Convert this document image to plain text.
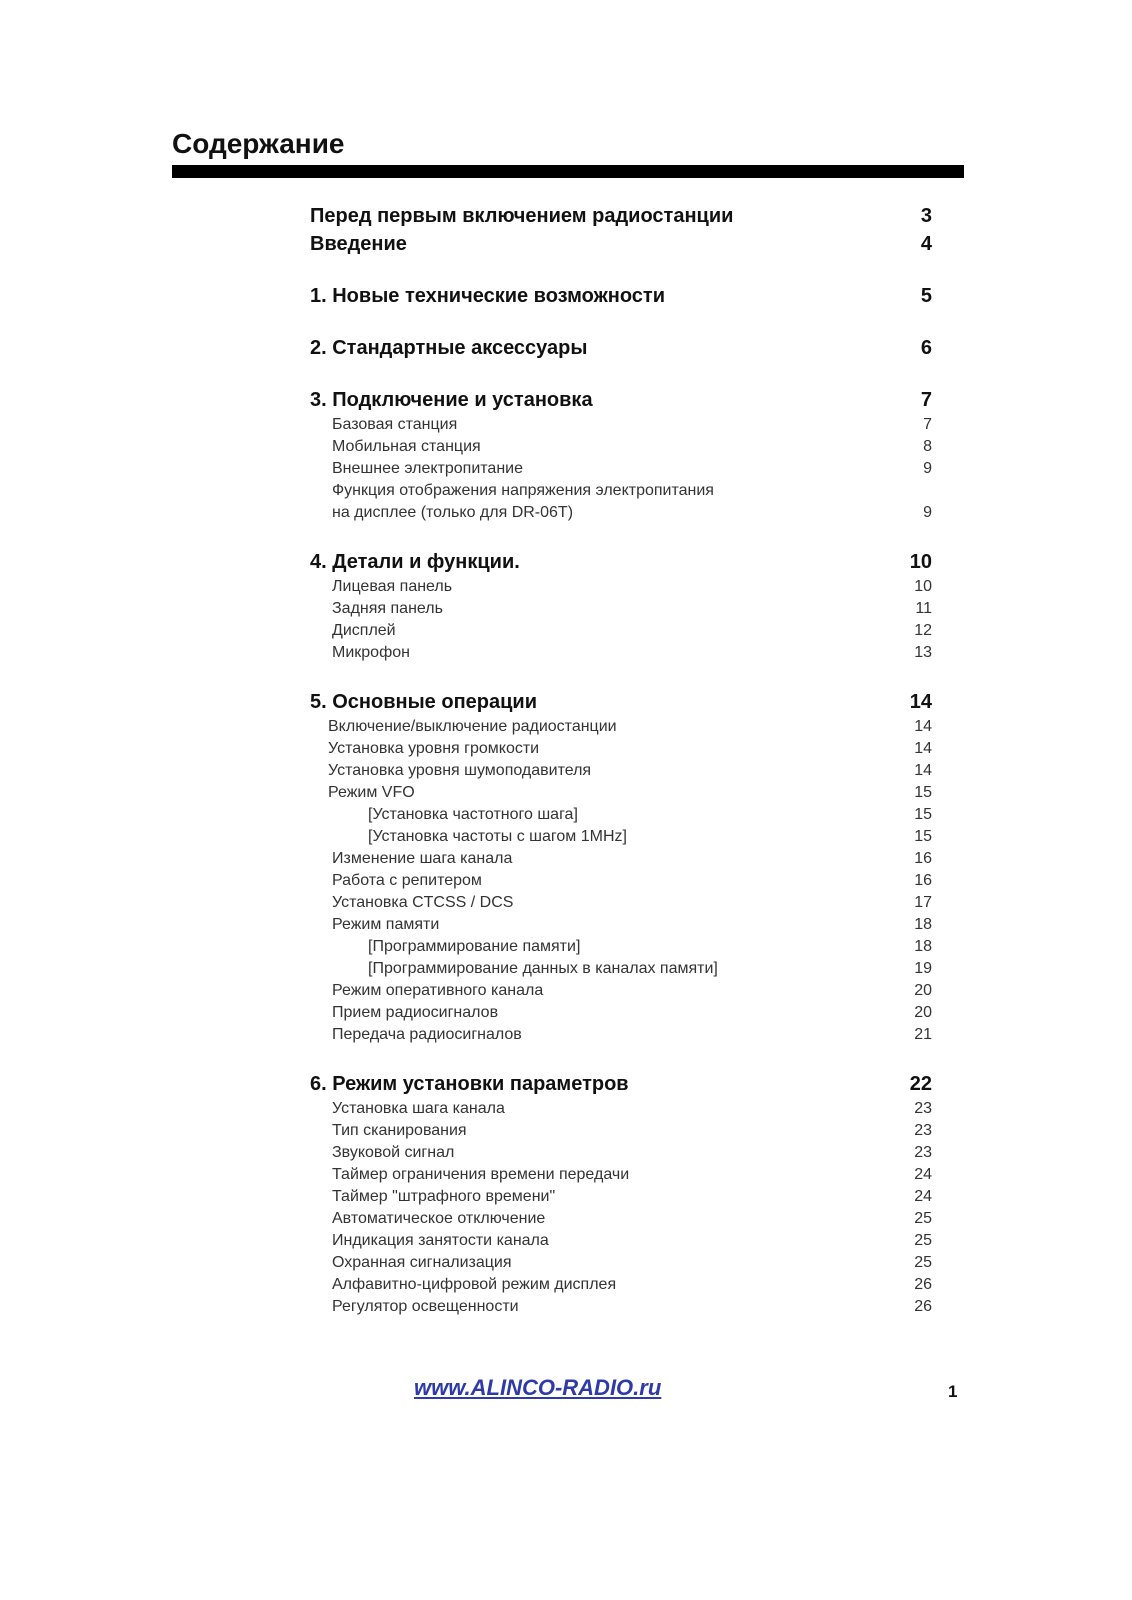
Содержание
Перед первым включением радиостанции	3
Введение	4
1. Новые технические возможности	5
2. Стандартные аксессуары	6
3. Подключение и установка	7
Базовая станция	7
Мобильная станция	8
Внешнее электропитание	9
Функция отображения напряжения электропитания
на дисплее (только для DR-06T)	9
4. Детали и функции.	10
Лицевая панель	10
Задняя панель	11
Дисплей	12
Микрофон	13
5. Основные операции	14
Включение/выключение радиостанции	14
Установка уровня громкости	14
Установка уровня шумоподавителя	14
Режим VFO	15
[Установка частотного шага]	15
[Установка частоты с шагом 1MHz]	15
Изменение шага канала	16
Работа с репитером	16
Установка CTCSS / DCS	17
Режим памяти	18
[Программирование памяти]	18
[Программирование данных в каналах памяти]	19
Режим оперативного канала	20
Прием радиосигналов	20
Передача радиосигналов	21
6. Режим установки параметров	22
Установка шага канала	23
Тип сканирования	23
Звуковой сигнал	23
Таймер ограничения времени передачи	24
Таймер "штрафного времени"	24
Автоматическое отключение	25
Индикация занятости канала	25
Охранная сигнализация	25
Алфавитно-цифровой режим дисплея	26
Регулятор освещенности	26
www.ALINCO-RADIO.ru	1
